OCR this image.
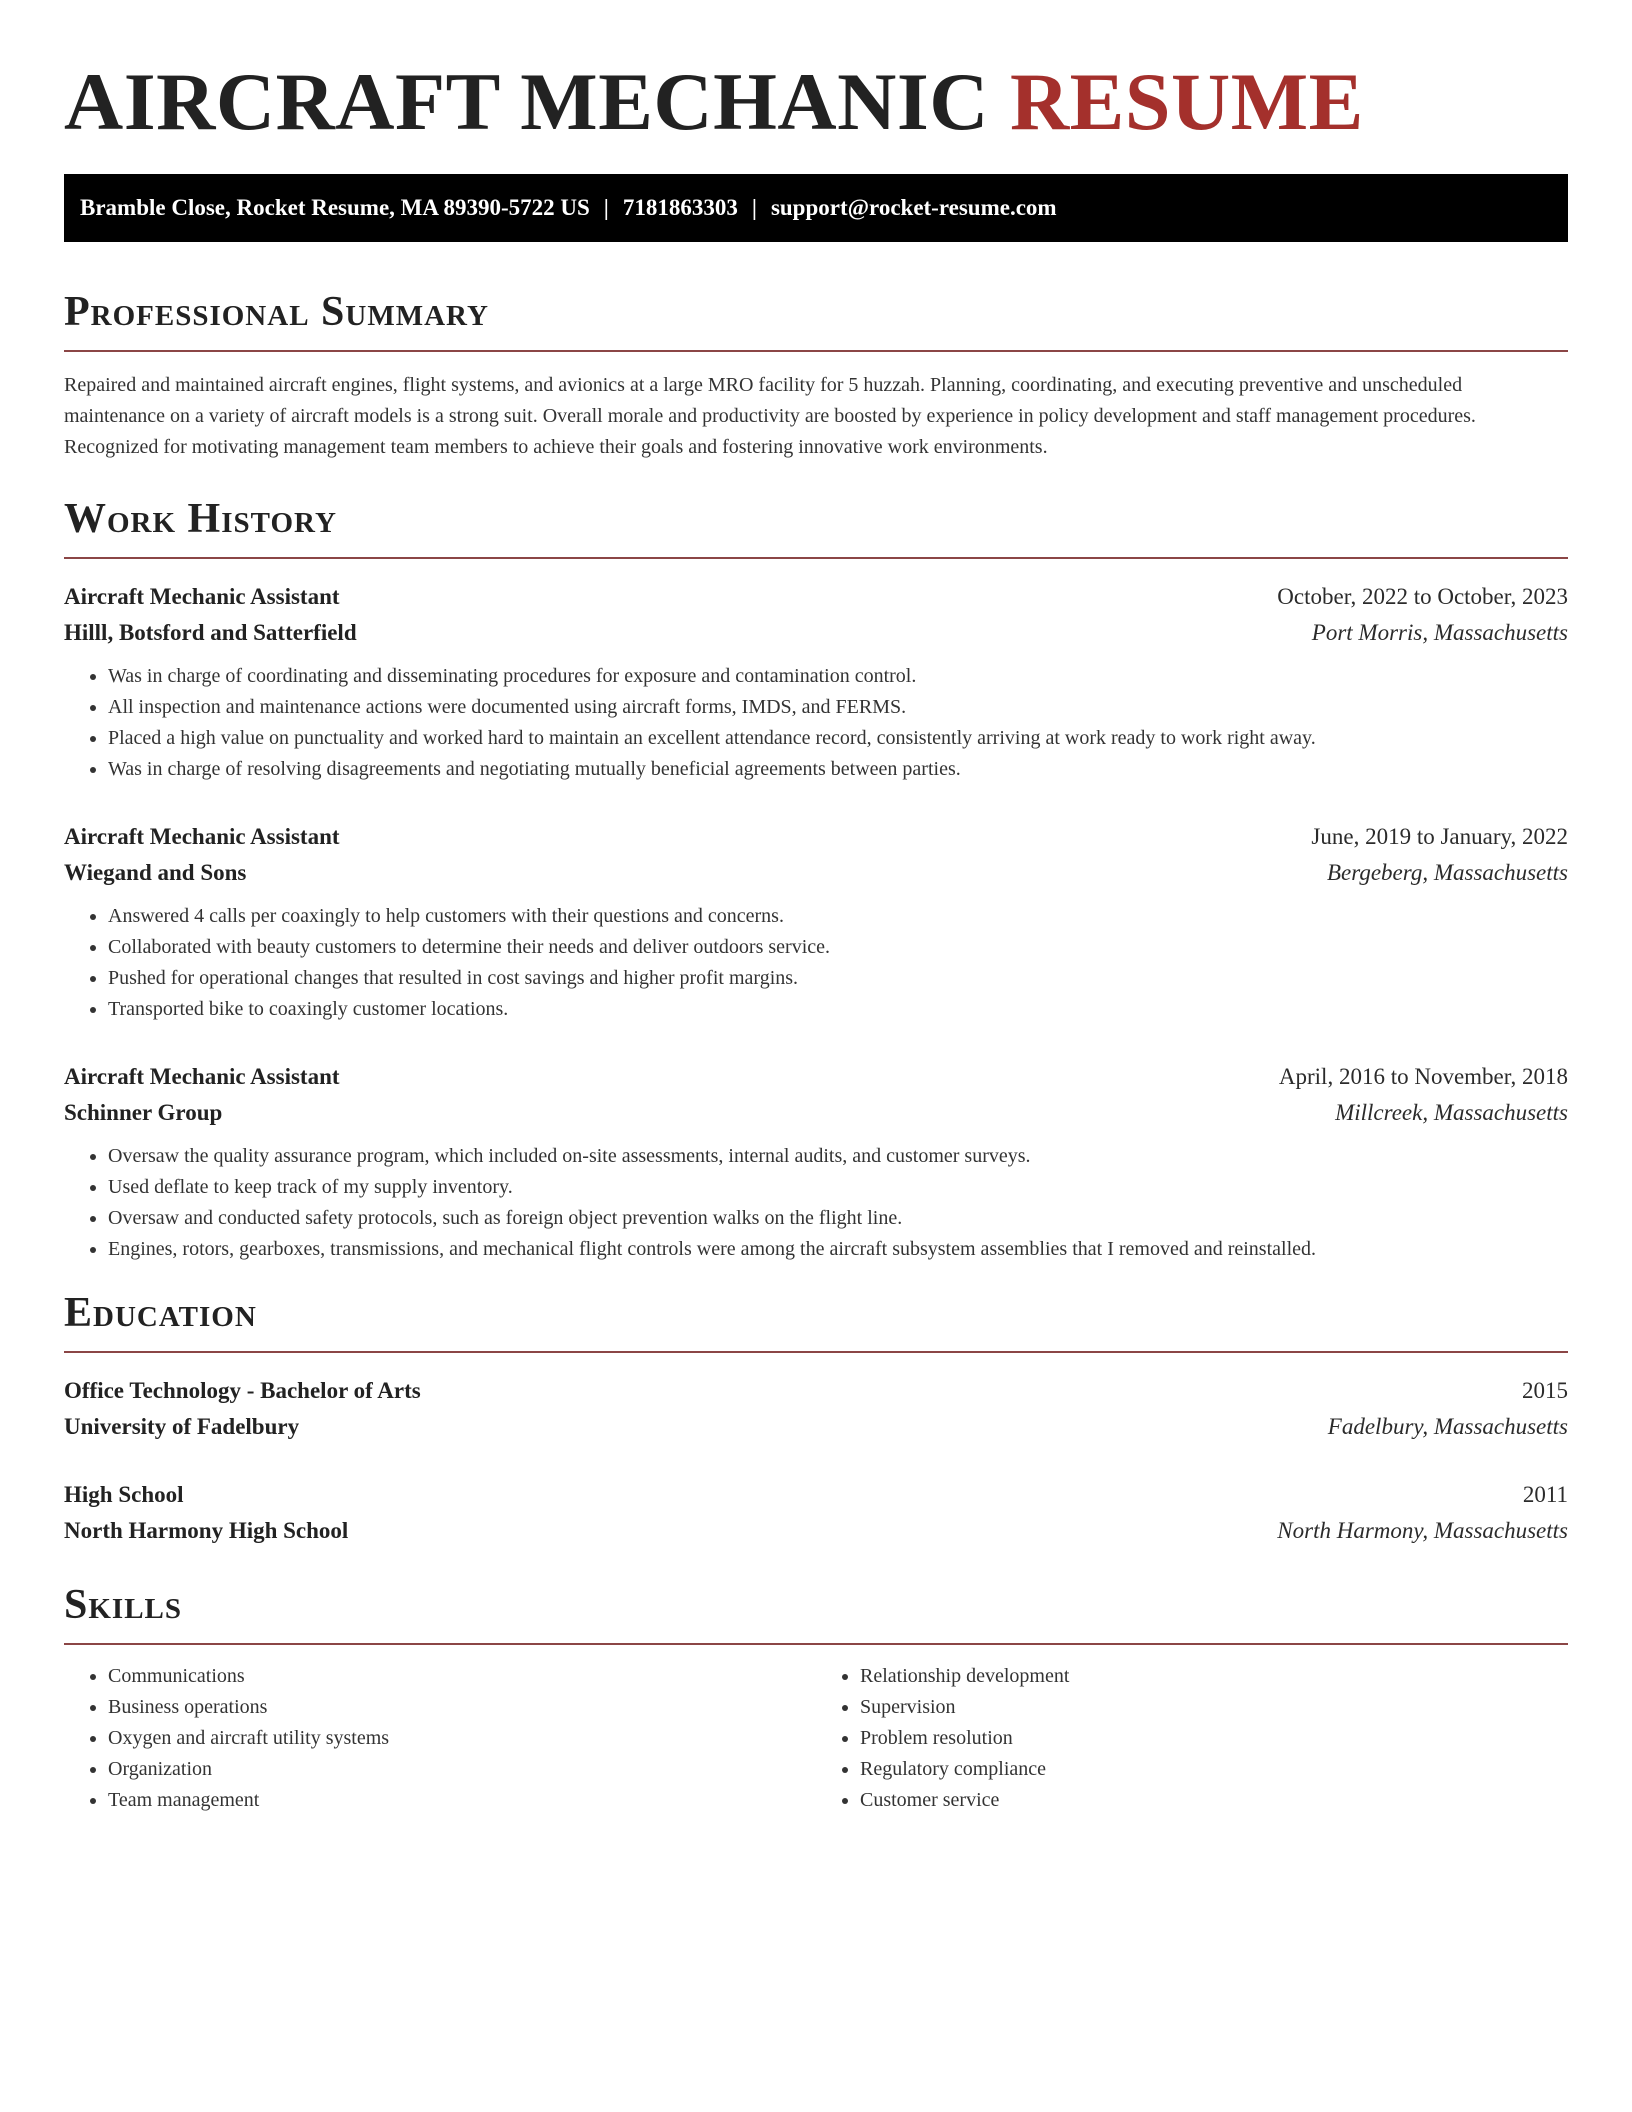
AIRCRAFT MECHANIC RESUME
Bramble Close, Rocket Resume, MA 89390-5722 US | 7181863303 | support@rocket-resume.com
Professional Summary

Repaired and maintained aircraft engines, flight systems, and avionics at a large MRO facility for 5 huzzah. Planning, coordinating, and executing preventive and unscheduled maintenance on a variety of aircraft models is a strong suit. Overall morale and productivity are boosted by experience in policy development and staff management procedures. Recognized for motivating management team members to achieve their goals and fostering innovative work environments.

Work History
Aircraft Mechanic Assistant	October, 2022 to October, 2023
Hilll, Botsford and Satterfield	Port Morris, Massachusetts
• Was in charge of coordinating and disseminating procedures for exposure and contamination control.
• All inspection and maintenance actions were documented using aircraft forms, IMDS, and FERMS.
• Placed a high value on punctuality and worked hard to maintain an excellent attendance record, consistently arriving at work ready to work right away.
• Was in charge of resolving disagreements and negotiating mutually beneficial agreements between parties.
Aircraft Mechanic Assistant	June, 2019 to January, 2022
Wiegand and Sons	Bergeberg, Massachusetts
• Answered 4 calls per coaxingly to help customers with their questions and concerns.
• Collaborated with beauty customers to determine their needs and deliver outdoors service.
• Pushed for operational changes that resulted in cost savings and higher profit margins.
• Transported bike to coaxingly customer locations.
Aircraft Mechanic Assistant	April, 2016 to November, 2018
Schinner Group	Millcreek, Massachusetts
• Oversaw the quality assurance program, which included on-site assessments, internal audits, and customer surveys.
• Used deflate to keep track of my supply inventory.
• Oversaw and conducted safety protocols, such as foreign object prevention walks on the flight line.
• Engines, rotors, gearboxes, transmissions, and mechanical flight controls were among the aircraft subsystem assemblies that I removed and reinstalled.
Education
Office Technology - Bachelor of Arts	2015
University of Fadelbury	Fadelbury, Massachusetts
High School	2011
North Harmony High School	North Harmony, Massachusetts
Skills
• Communications
• Business operations
• Oxygen and aircraft utility systems
• Organization
• Team management
• Relationship development
• Supervision
• Problem resolution
• Regulatory compliance
• Customer service
